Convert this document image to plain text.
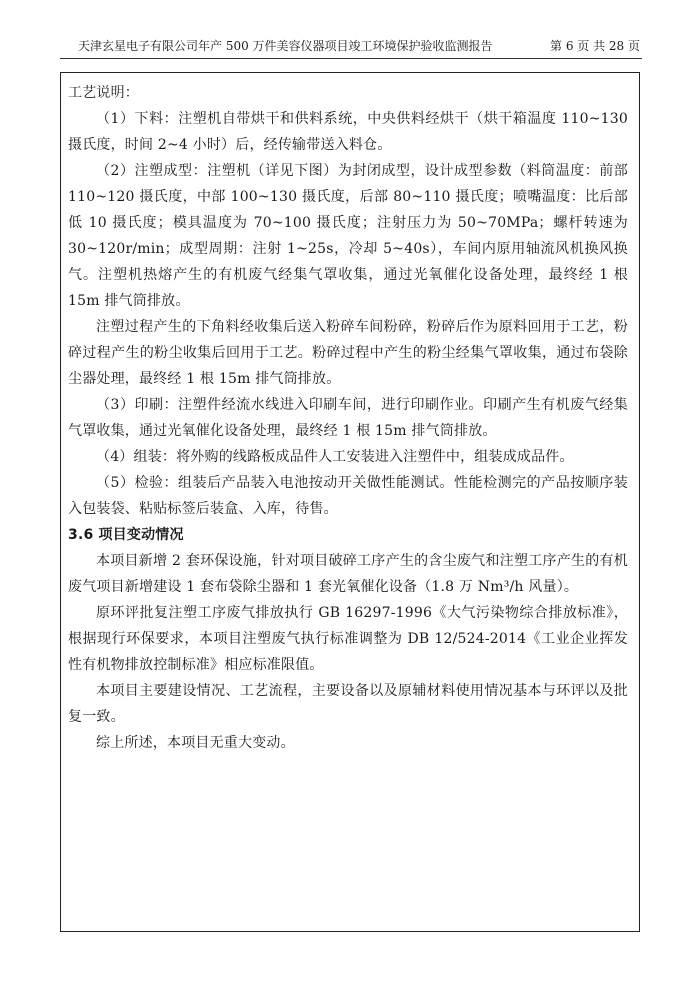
天津玄星电子有限公司年产 500 万件美容仪器项目竣工环境保护验收监测报告	第 6 页 共 28 页

工艺说明：

（1）下料：注塑机自带烘干和供料系统，中央供料经烘干（烘干箱温度 110~130 摄氏度，时间 2~4 小时）后，经传输带送入料仓。

（2）注塑成型：注塑机（详见下图）为封闭成型，设计成型参数（料筒温度：前部 110~120 摄氏度，中部 100~130 摄氏度，后部 80~110 摄氏度；喷嘴温度：比后部低 10 摄氏度；模具温度为 70~100 摄氏度；注射压力为 50~70MPa；螺杆转速为 30~120r/min；成型周期：注射 1~25s，冷却 5~40s），车间内原用轴流风机换风换气。注塑机热熔产生的有机废气经集气罩收集，通过光氧催化设备处理，最终经 1 根 15m 排气筒排放。

注塑过程产生的下角料经收集后送入粉碎车间粉碎，粉碎后作为原料回用于工艺，粉碎过程产生的粉尘收集后回用于工艺。粉碎过程中产生的粉尘经集气罩收集，通过布袋除尘器处理，最终经 1 根 15m 排气筒排放。

（3）印刷：注塑件经流水线进入印刷车间，进行印刷作业。印刷产生有机废气经集气罩收集，通过光氧催化设备处理，最终经 1 根 15m 排气筒排放。

（4）组装：将外购的线路板成品件人工安装进入注塑件中，组装成成品件。

（5）检验：组装后产品装入电池按动开关做性能测试。性能检测完的产品按顺序装入包装袋、粘贴标签后装盒、入库，待售。

3.6 项目变动情况

本项目新增 2 套环保设施，针对项目破碎工序产生的含尘废气和注塑工序产生的有机废气项目新增建设 1 套布袋除尘器和 1 套光氧催化设备（1.8 万 Nm³/h 风量）。

原环评批复注塑工序废气排放执行 GB 16297-1996《大气污染物综合排放标准》，根据现行环保要求，本项目注塑废气执行标准调整为 DB 12/524-2014《工业企业挥发性有机物排放控制标准》相应标准限值。

本项目主要建设情况、工艺流程，主要设备以及原辅材料使用情况基本与环评以及批复一致。

综上所述，本项目无重大变动。
